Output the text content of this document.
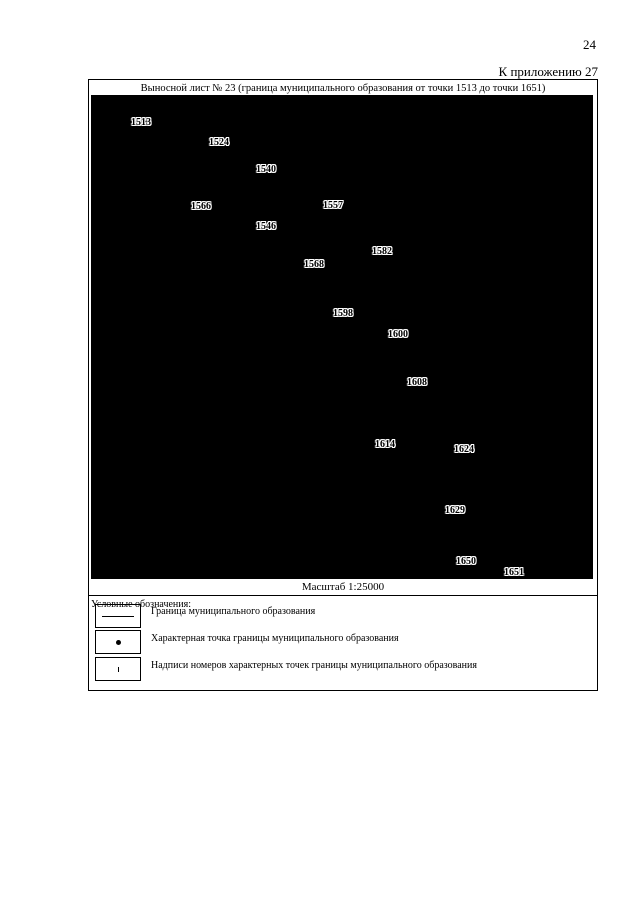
24
К приложению 27
Выносной лист № 23 (граница муниципального образования от точки 1513 до точки 1651)
1513
1524
1540
1566	1557
1546
1582
1568
1598
1600
1608
1614	1624
1629
1650
1651
Масштаб 1:25000
Условные обозначения:
Граница муниципального образования
Характерная точка границы муниципального образования
Надписи номеров характерных точек границы муниципального образования
